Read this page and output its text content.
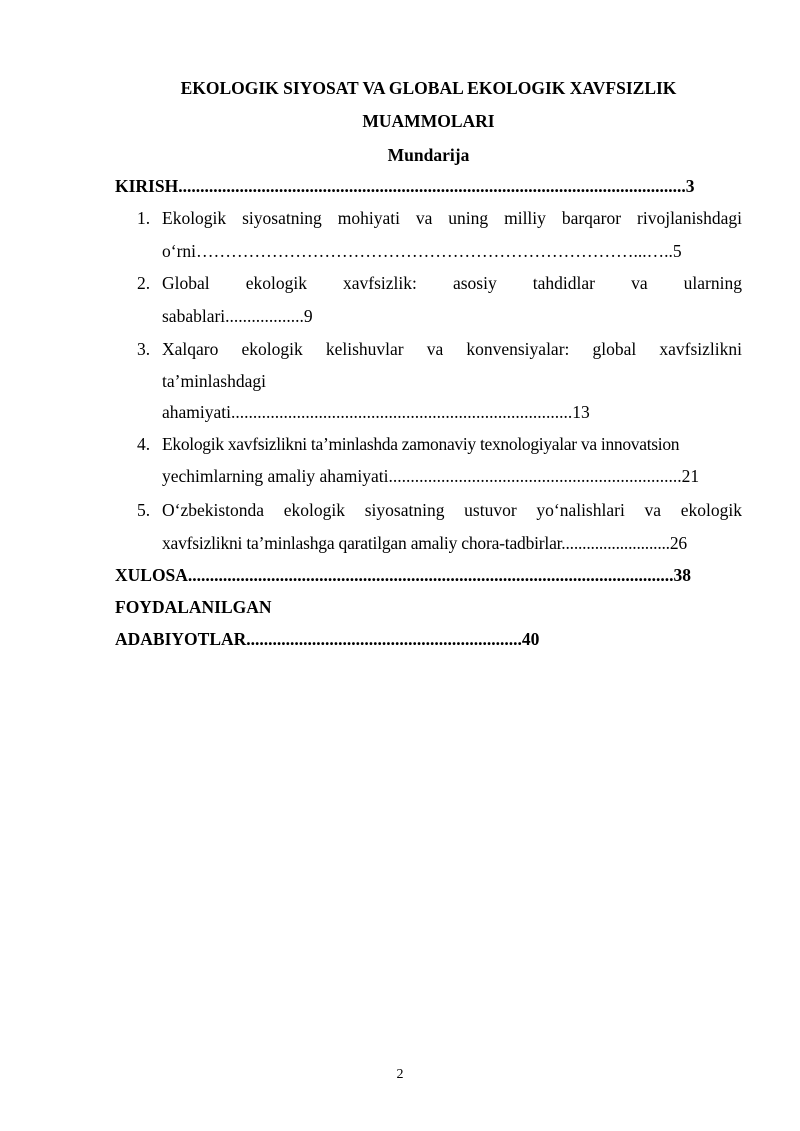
EKOLOGIK SIYOSAT VA GLOBAL EKOLOGIK XAVFSIZLIK
MUAMMOLARI
Mundarija
KIRISH....................................................................................................................3
1. Ekologik siyosatning mohiyati va uning milliy barqaror rivojlanishdagi
o‘rni…………………………………………………………………...…..5
2. Global ekologik xavfsizlik: asosiy tahdidlar va ularning
sabablari..................9
3. Xalqaro ekologik kelishuvlar va konvensiyalar: global xavfsizlikni
ta’minlashdagi
ahamiyati..............................................................................13
4. Ekologik xavfsizlikni ta’minlashda zamonaviy texnologiyalar va innovatsion
yechimlarning amaliy ahamiyati...................................................................21
5. O‘zbekistonda ekologik siyosatning ustuvor yo‘nalishlari va ekologik
xavfsizlikni ta’minlashga qaratilgan amaliy chora-tadbirlar..........................26
XULOSA...............................................................................................................38
FOYDALANILGAN
ADABIYOTLAR...............................................................40
2
